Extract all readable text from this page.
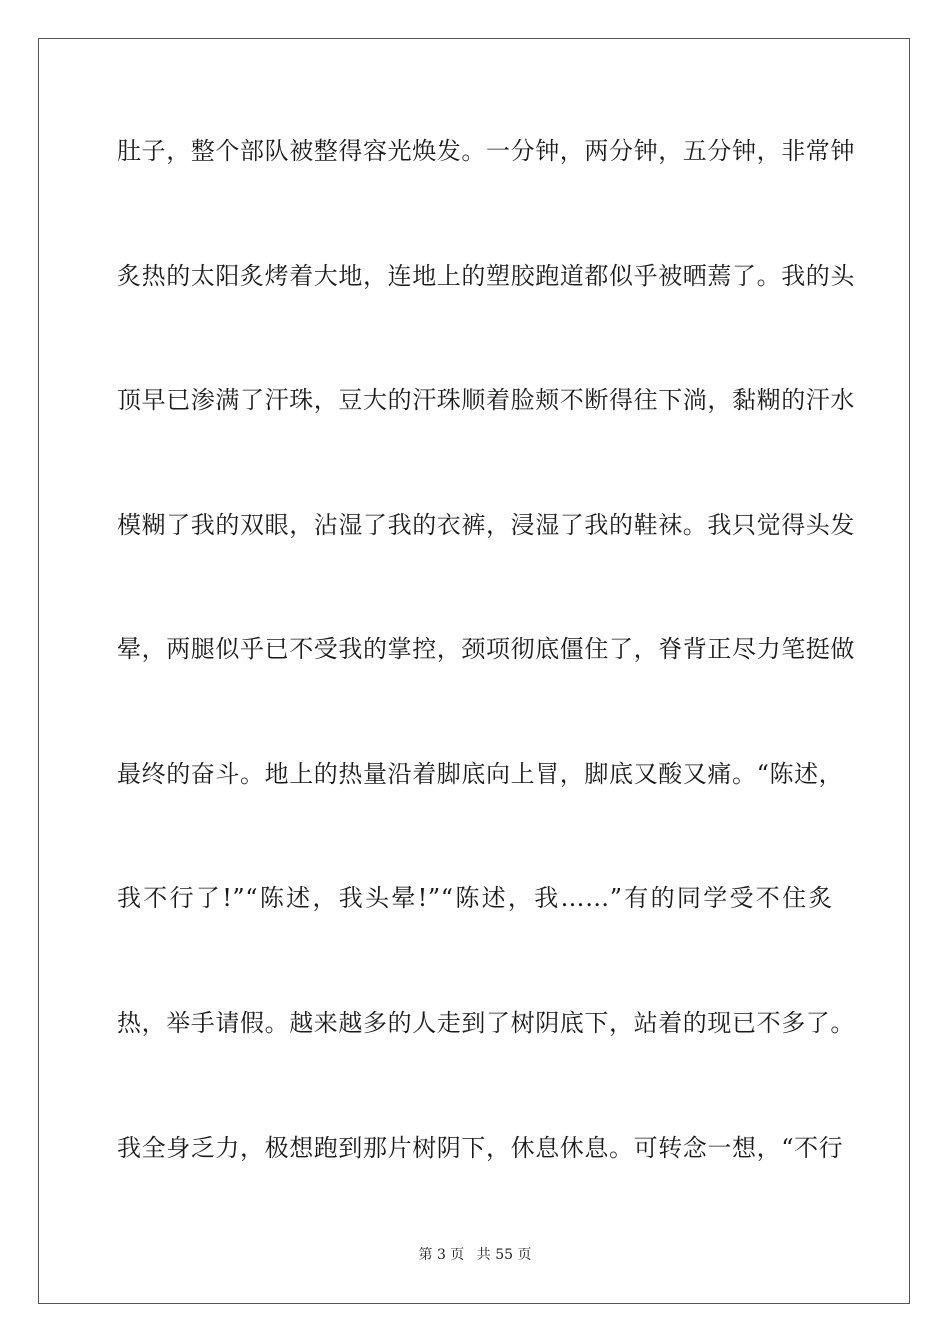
肚子，整个部队被整得容光焕发。一分钟，两分钟，五分钟，非常钟
炙热的太阳炙烤着大地，连地上的塑胶跑道都似乎被晒蔫了。我的头
顶早已渗满了汗珠，豆大的汗珠顺着脸颊不断得往下淌，黏糊的汗水
模糊了我的双眼，沾湿了我的衣裤，浸湿了我的鞋袜。我只觉得头发
晕，两腿似乎已不受我的掌控，颈项彻底僵住了，脊背正尽力笔挺做
最终的奋斗。地上的热量沿着脚底向上冒，脚底又酸又痛。“陈述，
我不行了!”“陈述，我头晕!”“陈述，我……”有的同学受不住炙
热，举手请假。越来越多的人走到了树阴底下，站着的现已不多了。
我全身乏力，极想跑到那片树阴下，休息休息。可转念一想，“不行
第 3 页 共 55 页
